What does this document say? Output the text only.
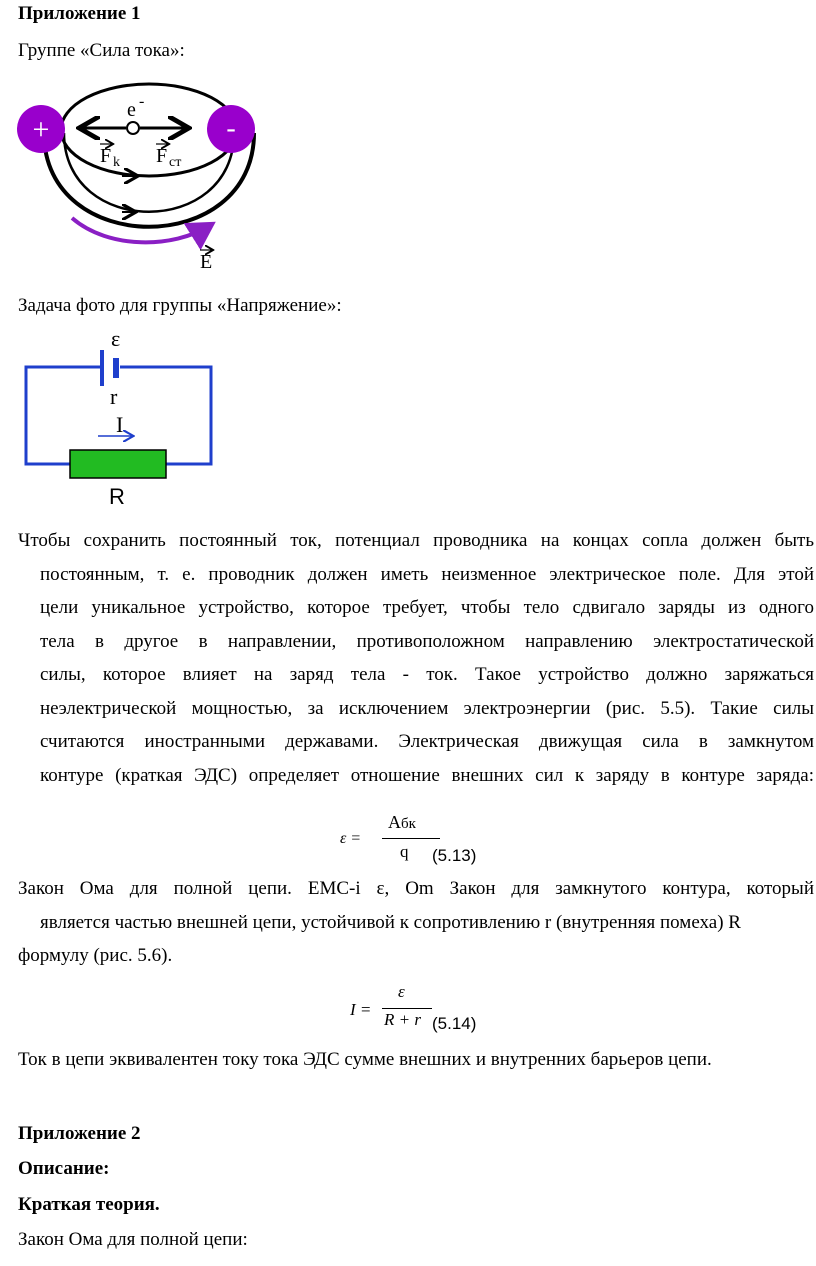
Приложение 1
Группе «Сила тока»:
+	-
e -
F k F ст
E
Задача фото для группы «Напряжение»:
ε
r
I
R
Чтобы сохранить постоянный ток, потенциал проводника на концах сопла должен быть
постоянным, т. е. проводник должен иметь неизменное электрическое поле. Для этой
цели уникальное устройство, которое требует, чтобы тело сдвигало заряды из одного
тела в другое в направлении, противоположном направлению электростатической
силы, которое влияет на заряд тела - ток. Такое устройство должно заряжаться
неэлектрической мощностью, за исключением электроэнергии (рис. 5.5). Такие силы
считаются иностранными державами. Электрическая движущая сила в замкнутом
контуре (краткая ЭДС) определяет отношение внешних сил к заряду в контуре заряда:
ε =
Aбк
q (5.13)
Закон Ома для полной цепи. EMC-i ε, Om Закон для замкнутого контура, который
является частью внешней цепи, устойчивой к сопротивлению r (внутренняя помеха) R
формулу (рис. 5.6).
I =
ε
R + r (5.14)
Ток в цепи эквивалентен току тока ЭДС сумме внешних и внутренних барьеров цепи.
Приложение 2
Описание:
Краткая теория.
Закон Ома для полной цепи:
